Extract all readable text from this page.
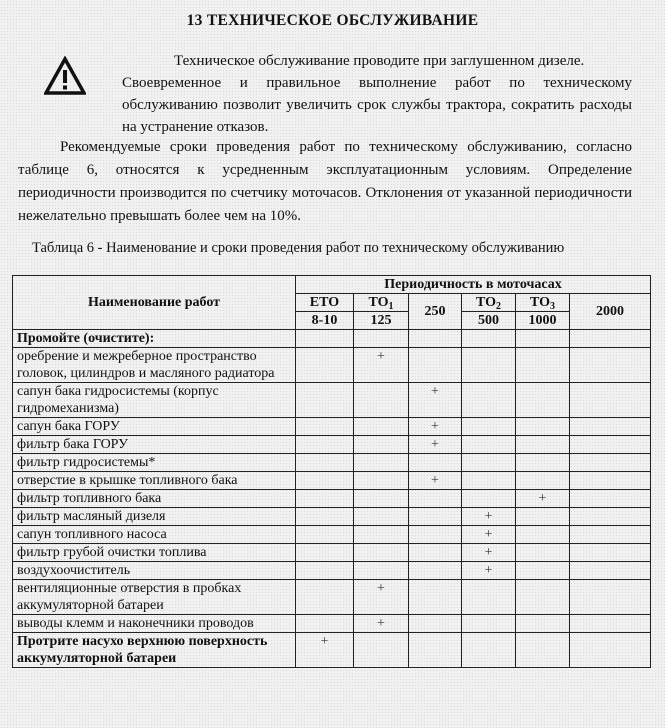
13 ТЕХНИЧЕСКОЕ ОБСЛУЖИВАНИЕ

Техническое обслуживание проводите при заглушенном дизеле.
Своевременное и правильное выполнение работ по техническому обслуживанию позволит увеличить срок службы трактора, сократить расходы на устранение отказов.

Рекомендуемые сроки проведения работ по техническому обслуживанию, согласно таблице 6, относятся к усредненным эксплуатационным условиям. Определение периодичности производится по счетчику моточасов. Отклонения от указанной периодичности нежелательно превышать более чем на 10%.

Таблица 6 - Наименование и сроки проведения работ по техническому обслуживанию

Наименование работ	Периодичность в моточасах					
	ЕТО	$ТО_1$	250	$ТО_2$	$ТО_3$	2000
	8-10	125		500	1000	
Промойте (очистите):						
оребрение и межреберное пространство головок, цилиндров и масляного радиатора		+				
сапун бака гидросистемы (корпус гидромеханизма)			+			
сапун бака ГОРУ			+			
фильтр бака ГОРУ			+			
фильтр гидросистемы*						
отверстие в крышке топливного бака			+			
фильтр топливного бака					+	
фильтр масляный дизеля				+		
сапун топливного насоса				+		
фильтр грубой очистки топлива				+		
воздухоочиститель				+		
вентиляционные отверстия в пробках аккумуляторной батареи		+				
выводы клемм и наконечники проводов		+				
Протрите насухо верхнюю поверхность аккумуляторной батареи	+					
